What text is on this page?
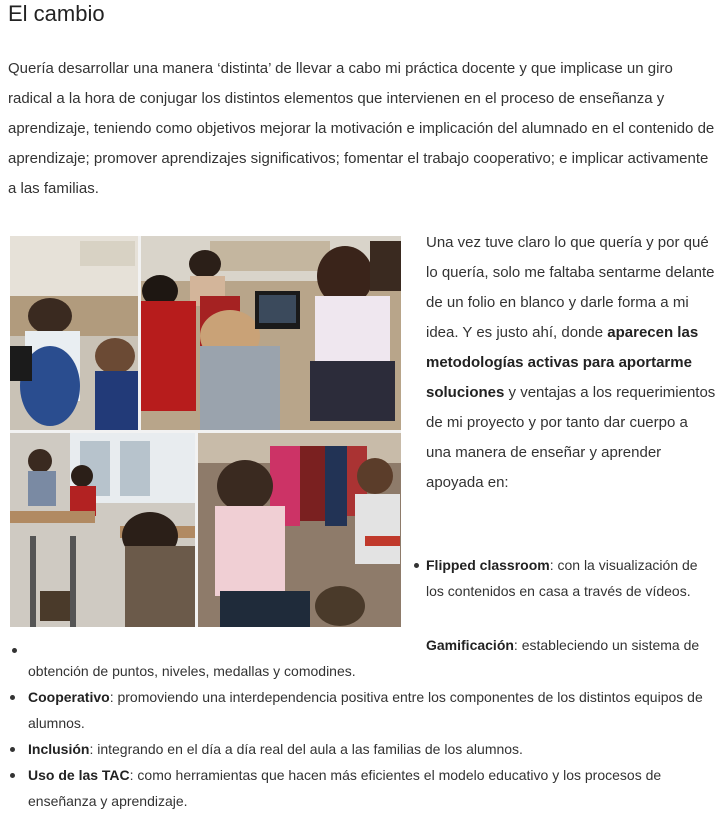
El cambio

Quería desarrollar una manera ‘distinta’ de llevar a cabo mi práctica docente y que implicase un giro radical a la hora de conjugar los distintos elementos que intervienen en el proceso de enseñanza y aprendizaje, teniendo como objetivos mejorar la motivación e implicación del alumnado en el contenido de aprendizaje; promover aprendizajes significativos; fomentar el trabajo cooperativo; e implicar activamente a las familias.

Una vez tuve claro lo que quería y por qué lo quería, solo me faltaba sentarme delante de un folio en blanco y darle forma a mi idea. Y es justo ahí, donde aparecen las metodologías activas para aportarme soluciones y ventajas a los requerimientos de mi proyecto y por tanto dar cuerpo a una manera de enseñar y aprender apoyada en:

Flipped classroom: con la visualización de los contenidos en casa a través de vídeos.
Gamificación: estableciendo un sistema de obtención de puntos, niveles, medallas y comodines.
Cooperativo: promoviendo una interdependencia positiva entre los componentes de los distintos equipos de alumnos.
Inclusión: integrando en el día a día real del aula a las familias de los alumnos.
Uso de las TAC: como herramientas que hacen más eficientes el modelo educativo y los procesos de enseñanza y aprendizaje.
